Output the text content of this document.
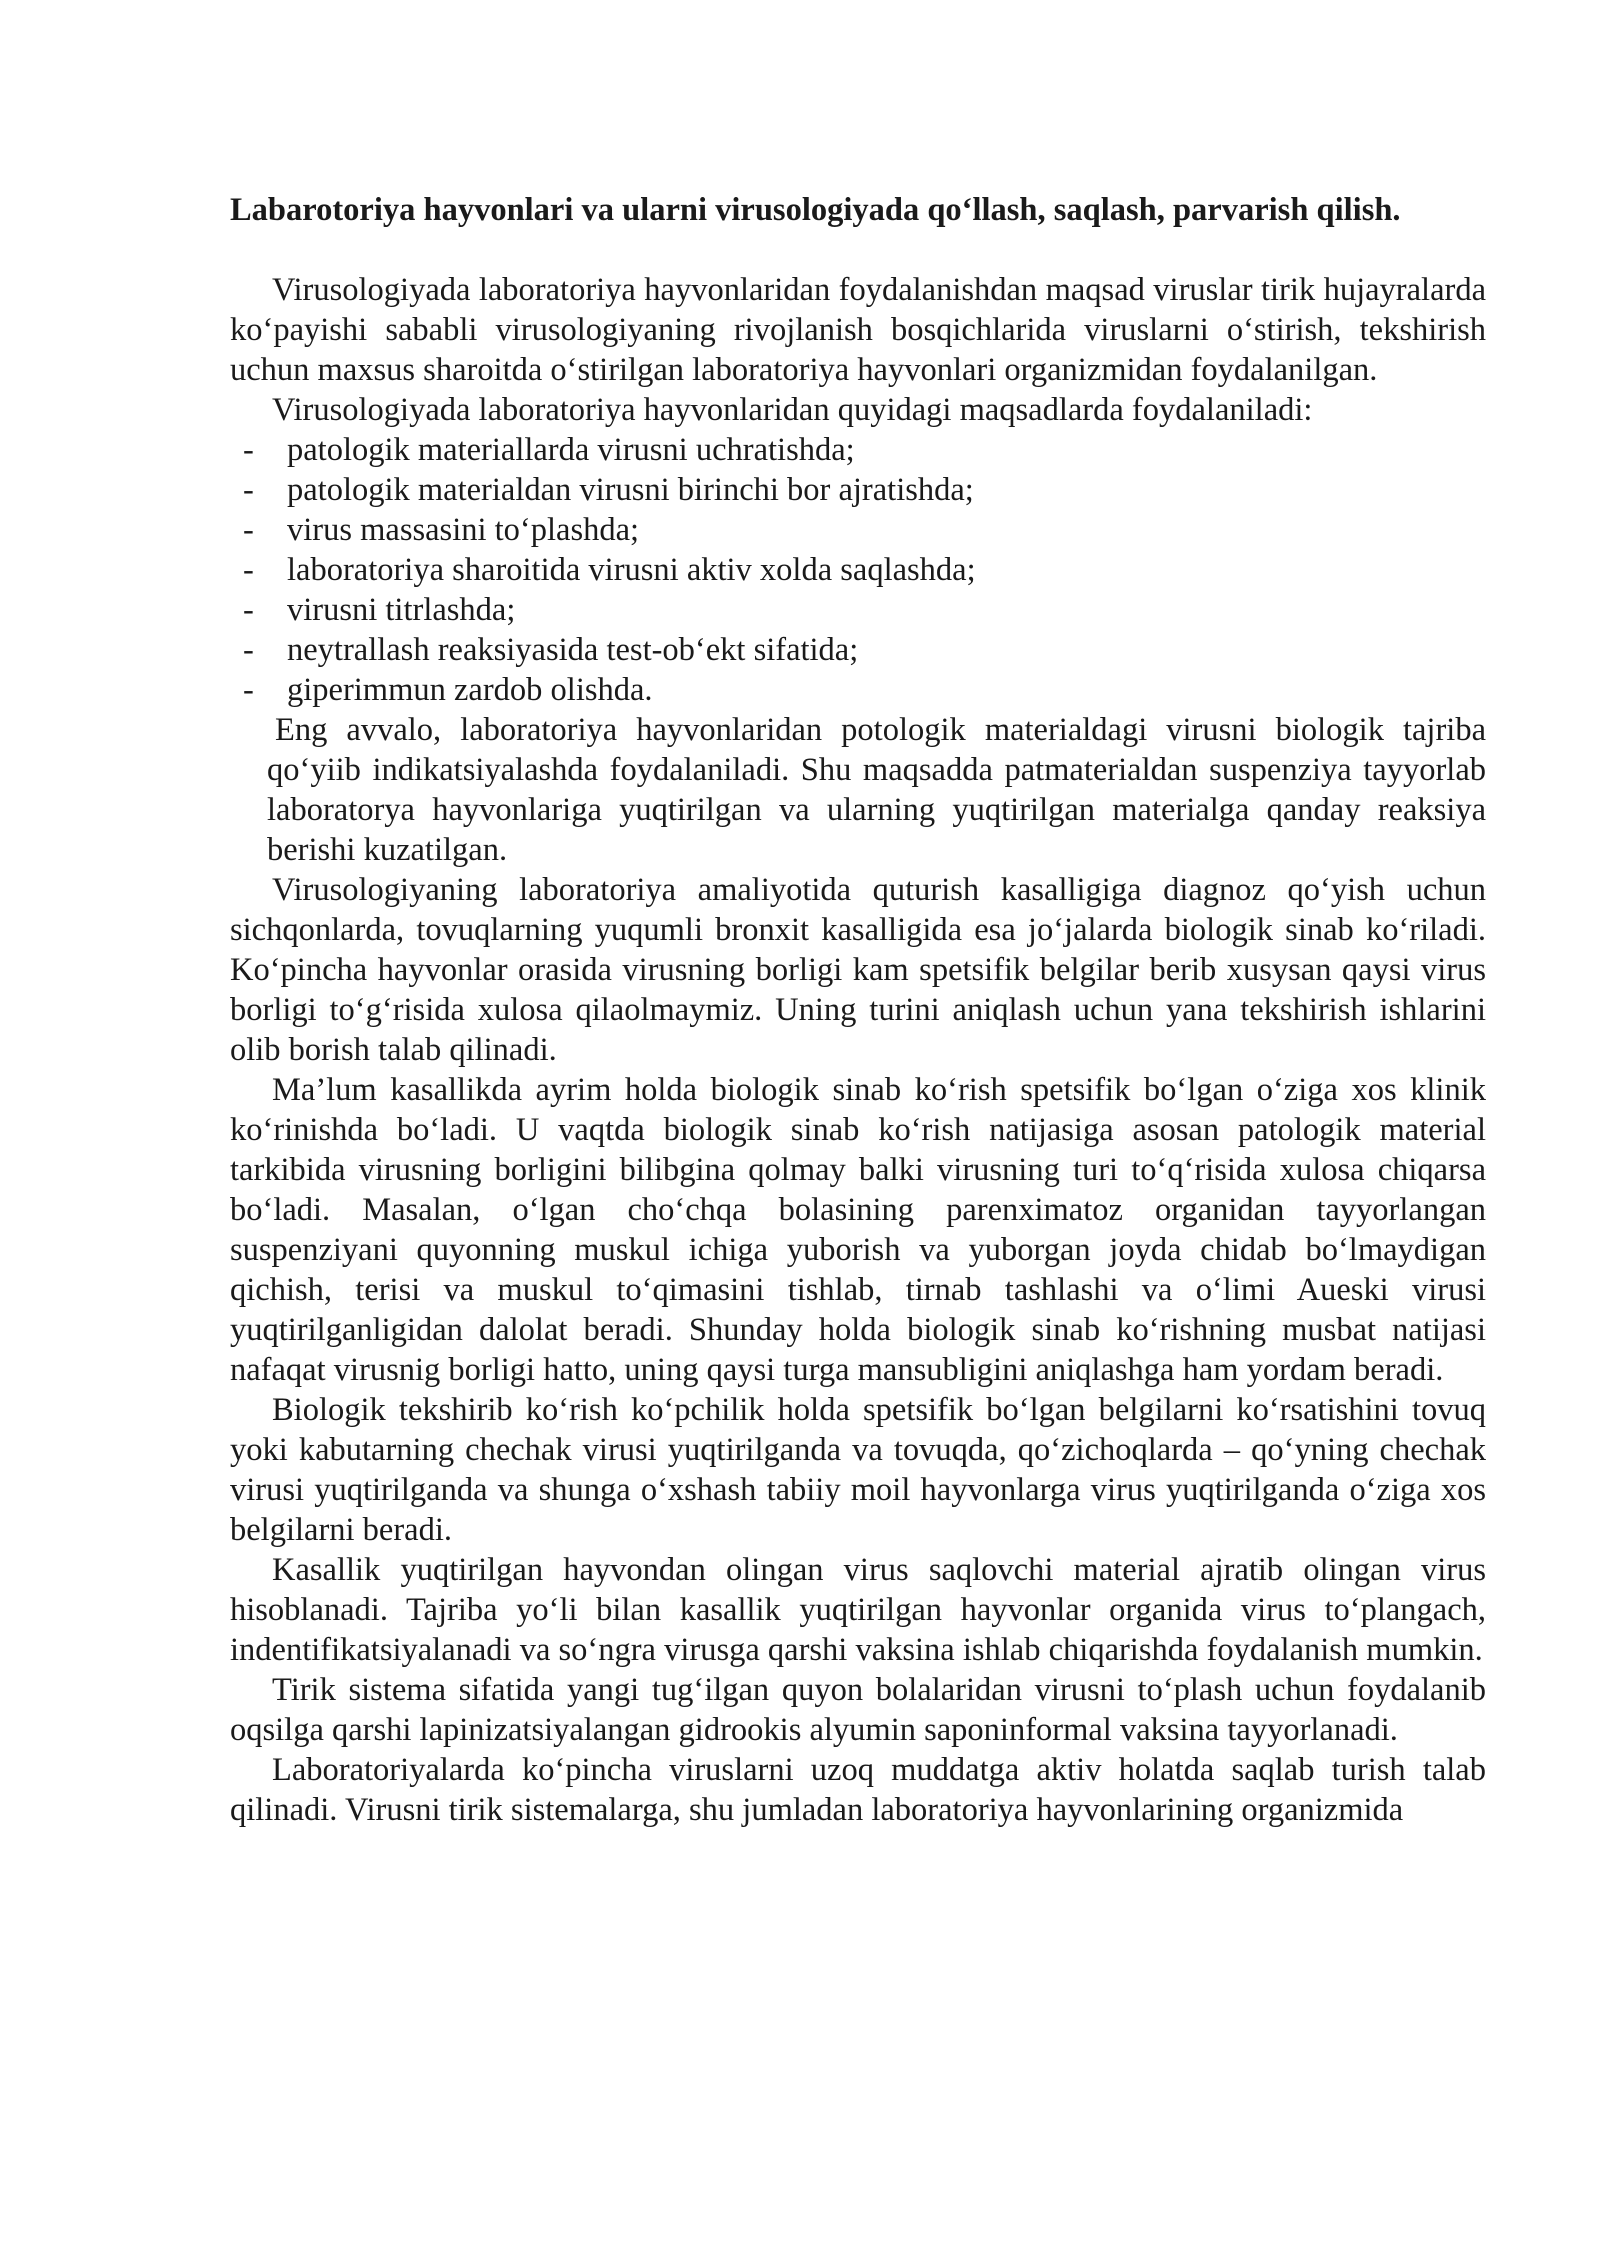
Labarotoriya hayvonlari va ularni virusologiyada qo‘llash, saqlash, parvarish qilish.

Virusologiyada laboratoriya hayvonlaridan foydalanishdan maqsad viruslar tirik hujayralarda ko‘payishi sababli virusologiyaning rivojlanish bosqichlarida viruslarni o‘stirish, tekshirish uchun maxsus sharoitda o‘stirilgan laboratoriya hayvonlari organizmidan foydalanilgan.

Virusologiyada laboratoriya hayvonlaridan quyidagi maqsadlarda foydalaniladi:

- patologik materiallarda virusni uchratishda;
- patologik materialdan virusni birinchi bor ajratishda;
- virus massasini to‘plashda;
- laboratoriya sharoitida virusni aktiv xolda saqlashda;
- virusni titrlashda;
- neytrallash reaksiyasida test-ob‘ekt sifatida;
- giperimmun zardob olishda.

Eng avvalo, laboratoriya hayvonlaridan potologik materialdagi virusni biologik tajriba qo‘yiib indikatsiyalashda foydalaniladi. Shu maqsadda patmaterialdan suspenziya tayyorlab laboratorya hayvonlariga yuqtirilgan va ularning yuqtirilgan materialga qanday reaksiya berishi kuzatilgan.

Virusologiyaning laboratoriya amaliyotida quturish kasalligiga diagnoz qo‘yish uchun sichqonlarda, tovuqlarning yuqumli bronxit kasalligida esa jo‘jalarda biologik sinab ko‘riladi. Ko‘pincha hayvonlar orasida virusning borligi kam spetsifik belgilar berib xusysan qaysi virus borligi to‘g‘risida xulosa qilaolmaymiz. Uning turini aniqlash uchun yana tekshirish ishlarini olib borish talab qilinadi.

Ma’lum kasallikda ayrim holda biologik sinab ko‘rish spetsifik bo‘lgan o‘ziga xos klinik ko‘rinishda bo‘ladi. U vaqtda biologik sinab ko‘rish natijasiga asosan patologik material tarkibida virusning borligini bilibgina qolmay balki virusning turi to‘q‘risida xulosa chiqarsa bo‘ladi. Masalan, o‘lgan cho‘chqa bolasining parenximatoz organidan tayyorlangan suspenziyani quyonning muskul ichiga yuborish va yuborgan joyda chidab bo‘lmaydigan qichish, terisi va muskul to‘qimasini tishlab, tirnab tashlashi va o‘limi Aueski virusi yuqtirilganligidan dalolat beradi. Shunday holda biologik sinab ko‘rishning musbat natijasi nafaqat virusnig borligi hatto, uning qaysi turga mansubligini aniqlashga ham yordam beradi.

Biologik tekshirib ko‘rish ko‘pchilik holda spetsifik bo‘lgan belgilarni ko‘rsatishini tovuq yoki kabutarning chechak virusi yuqtirilganda va tovuqda, qo‘zichoqlarda – qo‘yning chechak virusi yuqtirilganda va shunga o‘xshash tabiiy moil hayvonlarga virus yuqtirilganda o‘ziga xos belgilarni beradi.

Kasallik yuqtirilgan hayvondan olingan virus saqlovchi material ajratib olingan virus hisoblanadi. Tajriba yo‘li bilan kasallik yuqtirilgan hayvonlar organida virus to‘plangach, indentifikatsiyalanadi va so‘ngra virusga qarshi vaksina ishlab chiqarishda foydalanish mumkin.

Tirik sistema sifatida yangi tug‘ilgan quyon bolalaridan virusni to‘plash uchun foydalanib oqsilga qarshi lapinizatsiyalangan gidrookis alyumin saponinformal vaksina tayyorlanadi.

Laboratoriyalarda ko‘pincha viruslarni uzoq muddatga aktiv holatda saqlab turish talab qilinadi. Virusni tirik sistemalarga, shu jumladan laboratoriya hayvonlarining organizmida
